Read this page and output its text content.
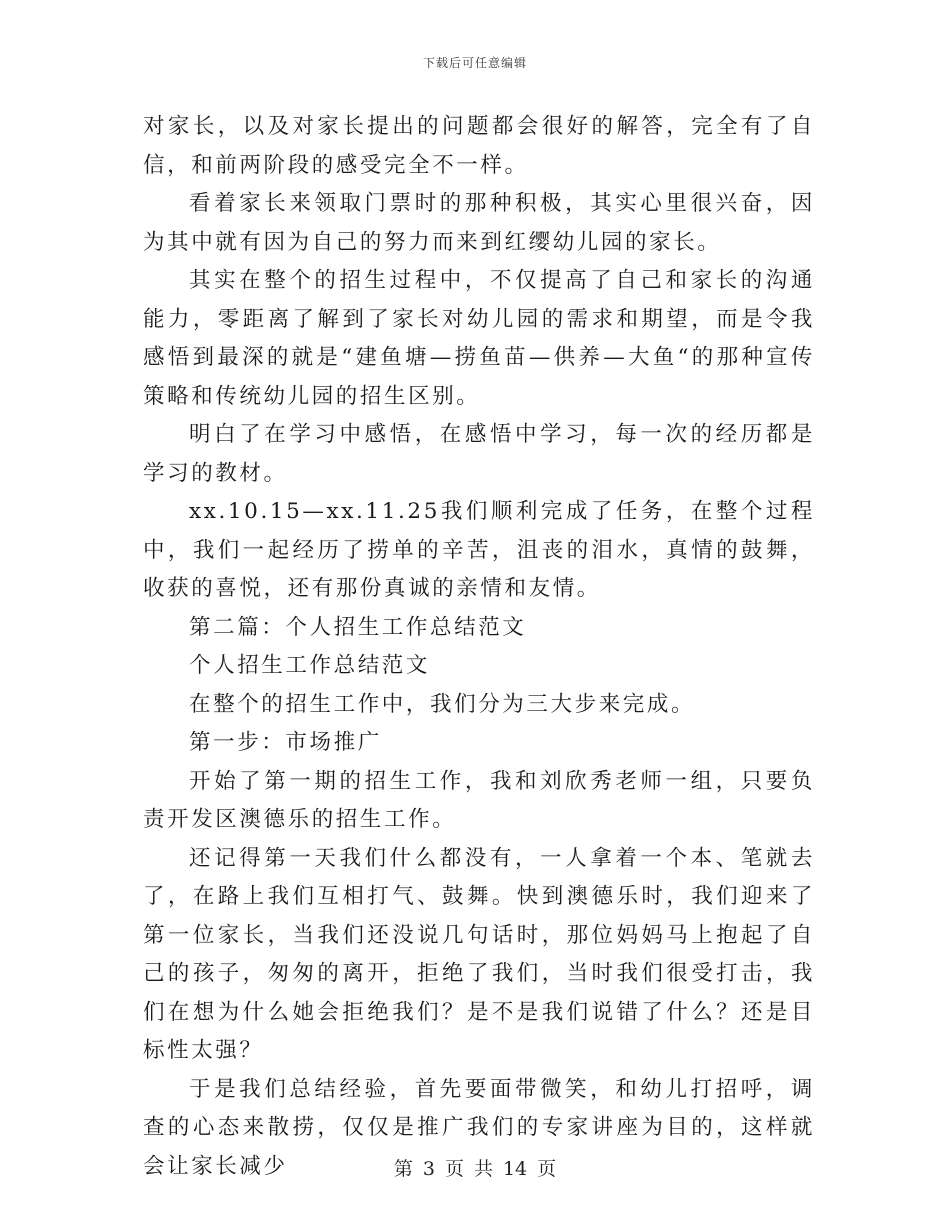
下载后可任意编辑

对家长，以及对家长提出的问题都会很好的解答，完全有了自信，和前两阶段的感受完全不一样。

看着家长来领取门票时的那种积极，其实心里很兴奋，因为其中就有因为自己的努力而来到红缨幼儿园的家长。

其实在整个的招生过程中，不仅提高了自己和家长的沟通能力，零距离了解到了家长对幼儿园的需求和期望，而是令我感悟到最深的就是“建鱼塘—捞鱼苗—供养—大鱼“的那种宣传策略和传统幼儿园的招生区别。

明白了在学习中感悟，在感悟中学习，每一次的经历都是学习的教材。

xx.10.15—xx.11.25我们顺利完成了任务，在整个过程中，我们一起经历了捞单的辛苦，沮丧的泪水，真情的鼓舞，收获的喜悦，还有那份真诚的亲情和友情。

第二篇：个人招生工作总结范文

个人招生工作总结范文

在整个的招生工作中，我们分为三大步来完成。

第一步：市场推广

开始了第一期的招生工作，我和刘欣秀老师一组，只要负责开发区澳德乐的招生工作。

还记得第一天我们什么都没有，一人拿着一个本、笔就去了，在路上我们互相打气、鼓舞。快到澳德乐时，我们迎来了第一位家长，当我们还没说几句话时，那位妈妈马上抱起了自己的孩子，匆匆的离开，拒绝了我们，当时我们很受打击，我们在想为什么她会拒绝我们？是不是我们说错了什么？还是目标性太强？

于是我们总结经验，首先要面带微笑，和幼儿打招呼，调查的心态来散捞，仅仅是推广我们的专家讲座为目的，这样就会让家长减少	第 3 页 共 14 页
